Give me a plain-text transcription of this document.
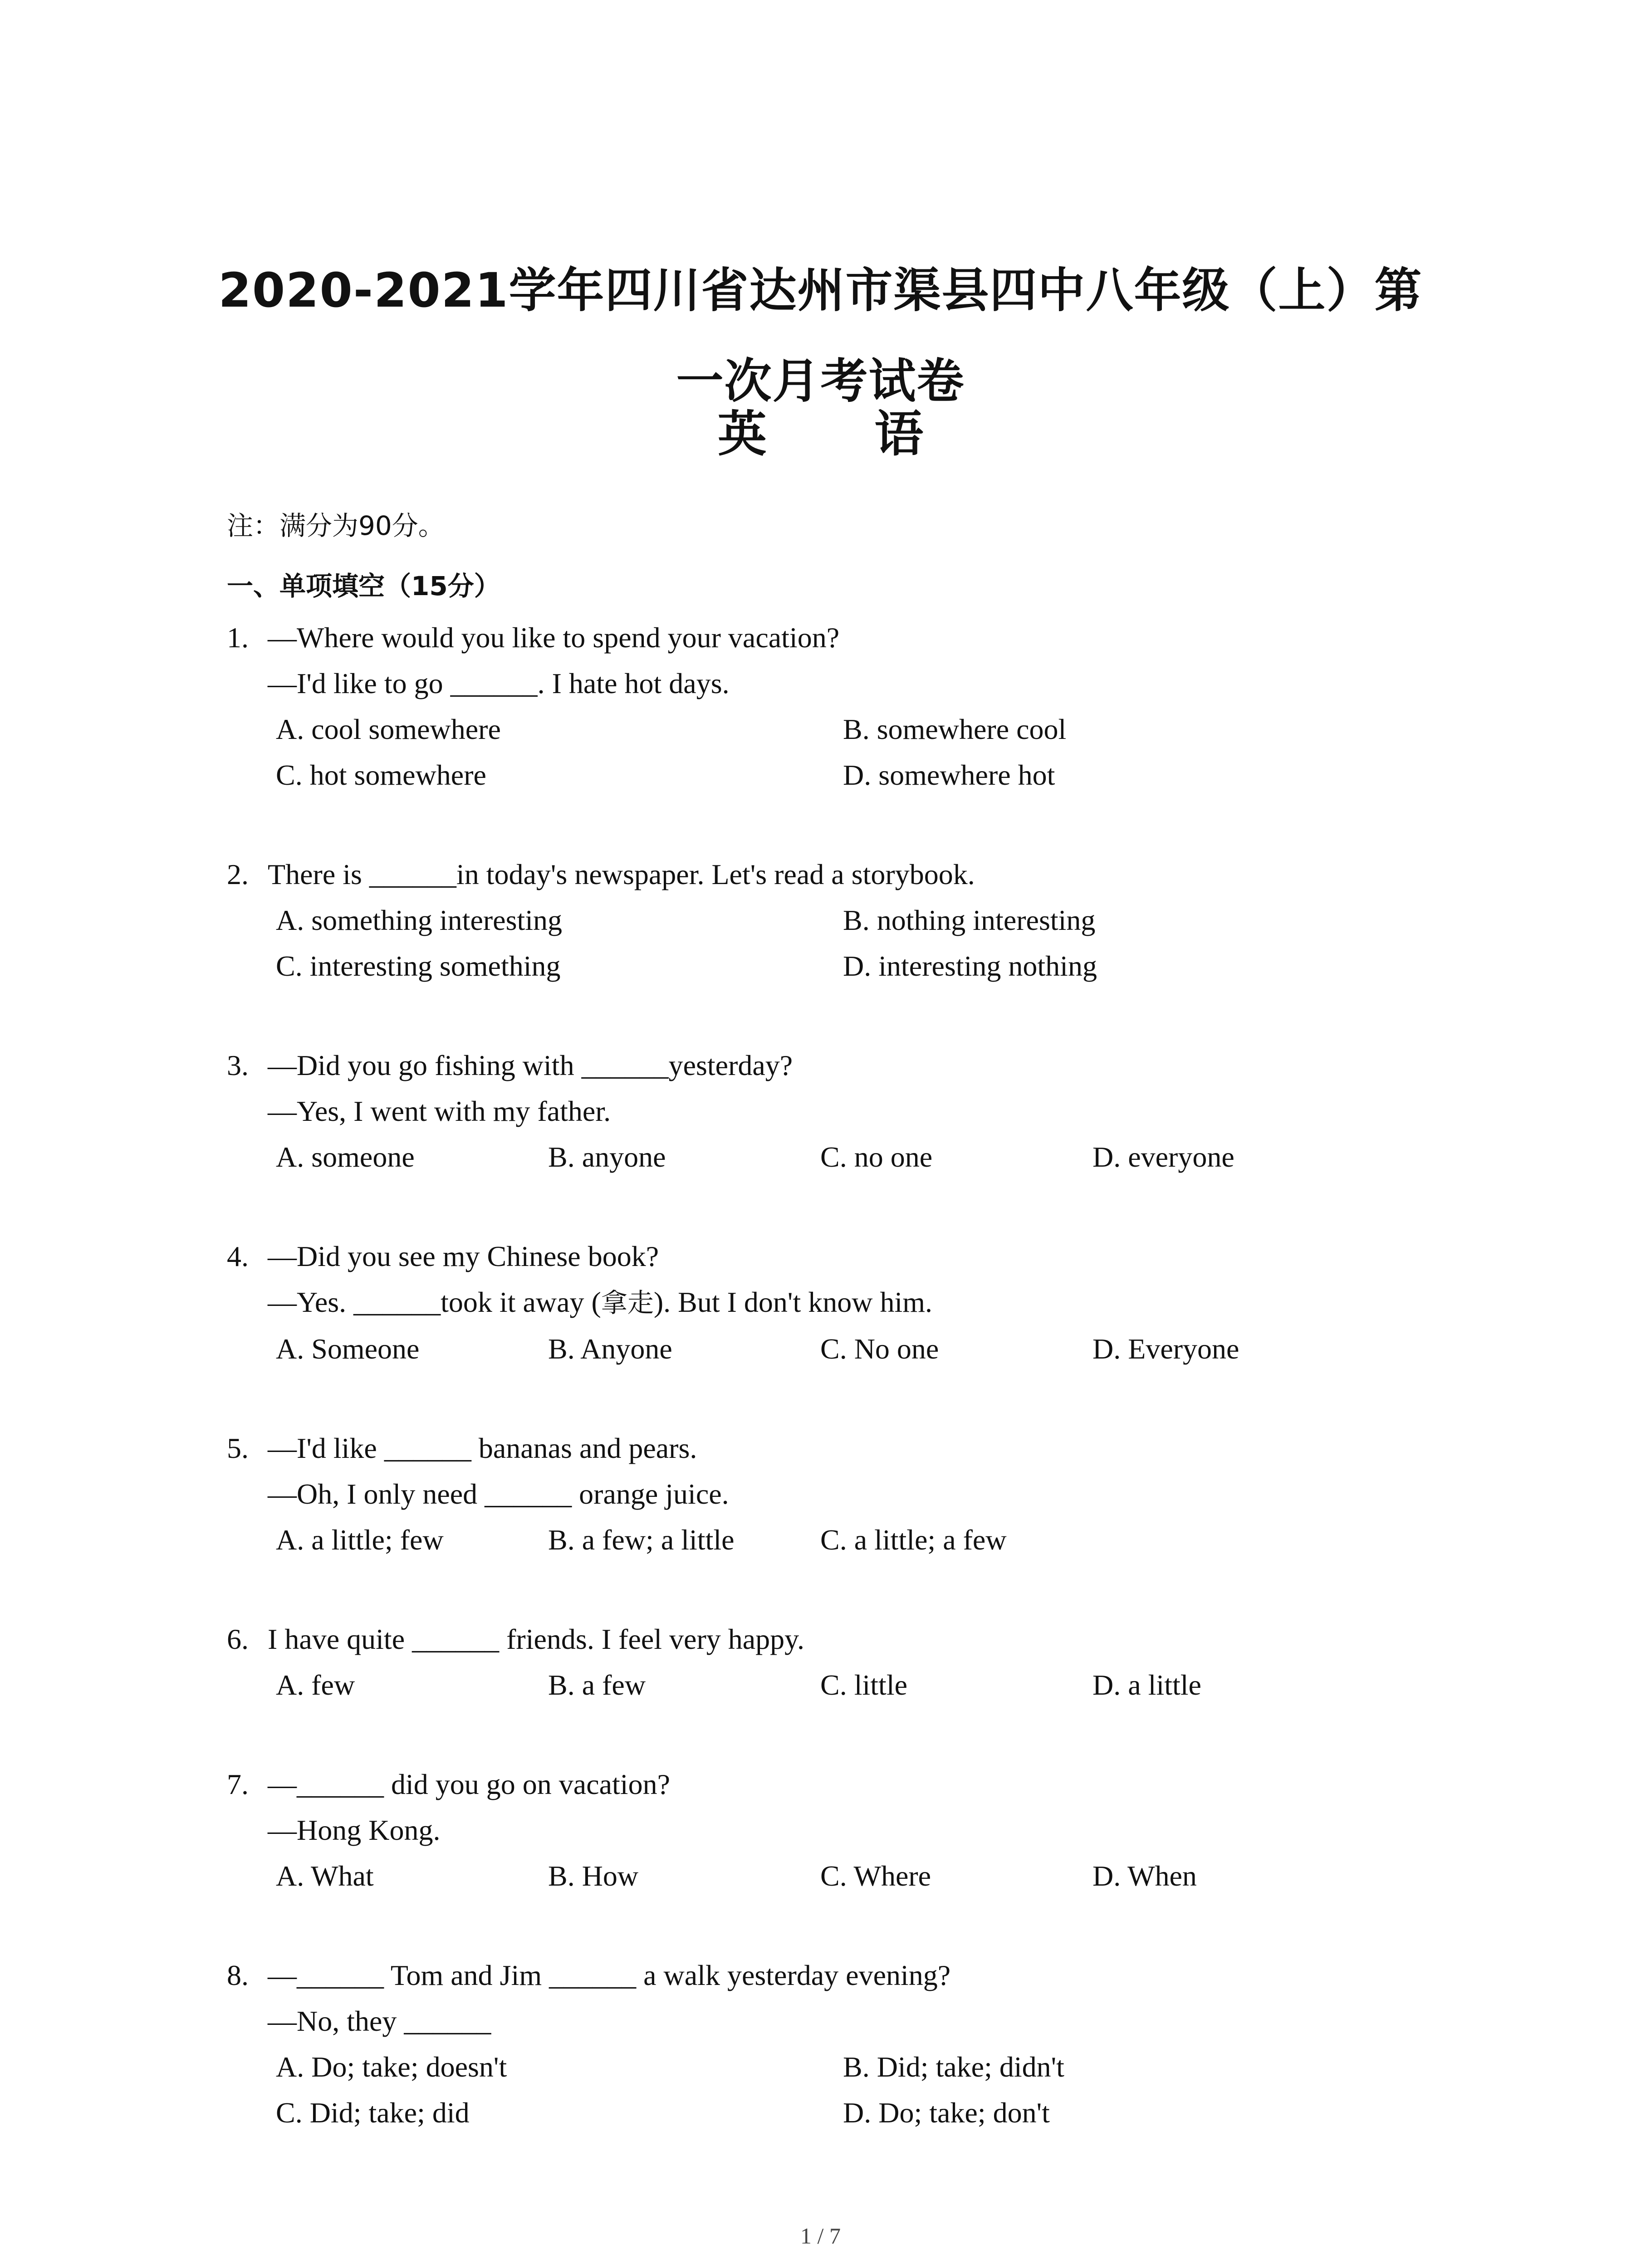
2020-2021学年四川省达州市渠县四中八年级（上）第
一次月考试卷
英 语
注：满分为90分。
一、单项填空（15分）
1. —Where would you like to spend your vacation?
—I'd like to go ______. I hate hot days.
A. cool somewhere	B. somewhere cool
C. hot somewhere	D. somewhere hot
2. There is ______in today's newspaper. Let's read a storybook.
A. something interesting	B. nothing interesting
C. interesting something	D. interesting nothing
3. —Did you go fishing with ______yesterday?
—Yes, I went with my father.
A. someone	B. anyone	C. no one	D. everyone
4. —Did you see my Chinese book?
—Yes. ______took it away (拿走). But I don't know him.
A. Someone	B. Anyone	C. No one	D. Everyone
5. —I'd like ______ bananas and pears.
—Oh, I only need ______ orange juice.
A. a little; few	B. a few; a little	C. a little; a few
6. I have quite ______ friends. I feel very happy.
A. few	B. a few	C. little	D. a little
7. —______ did you go on vacation?
—Hong Kong.
A. What	B. How	C. Where	D. When
8. —______ Tom and Jim ______ a walk yesterday evening?
—No, they ______
A. Do; take; doesn't	B. Did; take; didn't
C. Did; take; did	D. Do; take; don't
1 / 7
